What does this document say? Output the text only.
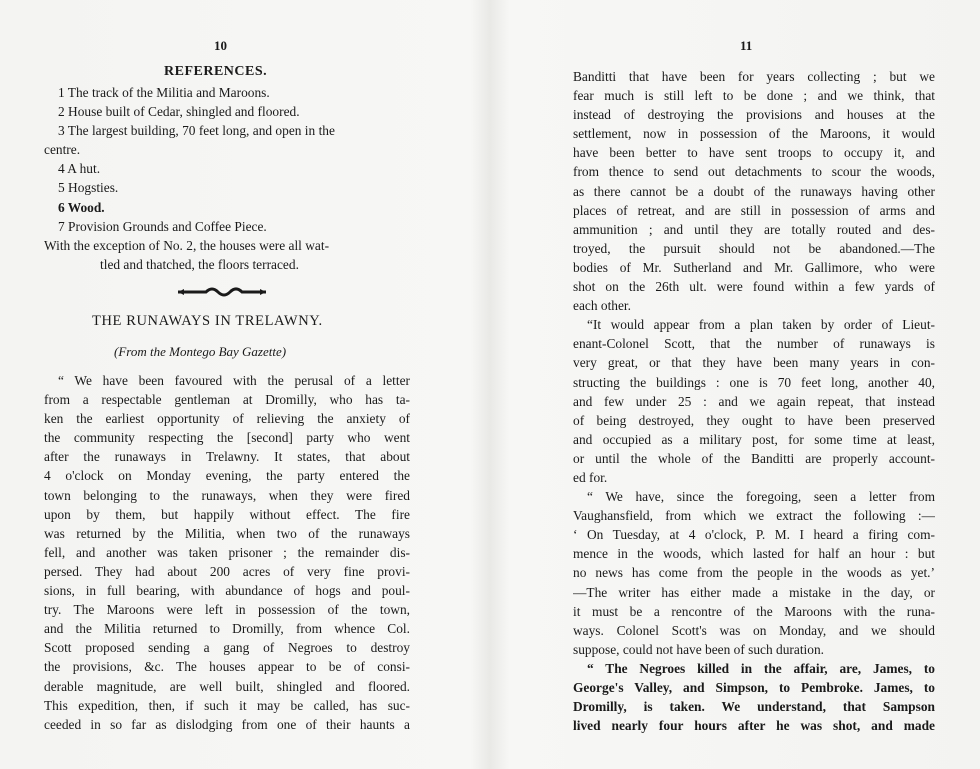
10
REFERENCES.
1 The track of the Militia and Maroons.
2 House built of Cedar, shingled and floored.
3 The largest building, 70 feet long, and open in the
centre.
4 A hut.
5 Hogsties.
6 Wood.
7 Provision Grounds and Coffee Piece.
With the exception of No. 2, the houses were all wat-
tled and thatched, the floors terraced.
THE RUNAWAYS IN TRELAWNY.
(From the Montego Bay Gazette)
“ We have been favoured with the perusal of a letter
from a respectable gentleman at Dromilly, who has ta-
ken the earliest opportunity of relieving the anxiety of
the community respecting the [second] party who went
after the runaways in Trelawny. It states, that about
4 o'clock on Monday evening, the party entered the
town belonging to the runaways, when they were fired
upon by them, but happily without effect. The fire
was returned by the Militia, when two of the runaways
fell, and another was taken prisoner ; the remainder dis-
persed. They had about 200 acres of very fine provi-
sions, in full bearing, with abundance of hogs and poul-
try. The Maroons were left in possession of the town,
and the Militia returned to Dromilly, from whence Col.
Scott proposed sending a gang of Negroes to destroy
the provisions, &c. The houses appear to be of consi-
derable magnitude, are well built, shingled and floored.
This expedition, then, if such it may be called, has suc-
ceeded in so far as dislodging from one of their haunts a
11
Banditti that have been for years collecting ; but we
fear much is still left to be done ; and we think, that
instead of destroying the provisions and houses at the
settlement, now in possession of the Maroons, it would
have been better to have sent troops to occupy it, and
from thence to send out detachments to scour the woods,
as there cannot be a doubt of the runaways having other
places of retreat, and are still in possession of arms and
ammunition ; and until they are totally routed and des-
troyed, the pursuit should not be abandoned.—The
bodies of Mr. Sutherland and Mr. Gallimore, who were
shot on the 26th ult. were found within a few yards of
each other.
“It would appear from a plan taken by order of Lieut-
enant-Colonel Scott, that the number of runaways is
very great, or that they have been many years in con-
structing the buildings : one is 70 feet long, another 40,
and few under 25 : and we again repeat, that instead
of being destroyed, they ought to have been preserved
and occupied as a military post, for some time at least,
or until the whole of the Banditti are properly account-
ed for.
“ We have, since the foregoing, seen a letter from
Vaughansfield, from which we extract the following :—
‘ On Tuesday, at 4 o'clock, P. M. I heard a firing com-
mence in the woods, which lasted for half an hour : but
no news has come from the people in the woods as yet.’
—The writer has either made a mistake in the day, or
it must be a rencontre of the Maroons with the runa-
ways. Colonel Scott's was on Monday, and we should
suppose, could not have been of such duration.
“ The Negroes killed in the affair, are, James, to
George's Valley, and Simpson, to Pembroke. James, to
Dromilly, is taken. We understand, that Sampson
lived nearly four hours after he was shot, and made
